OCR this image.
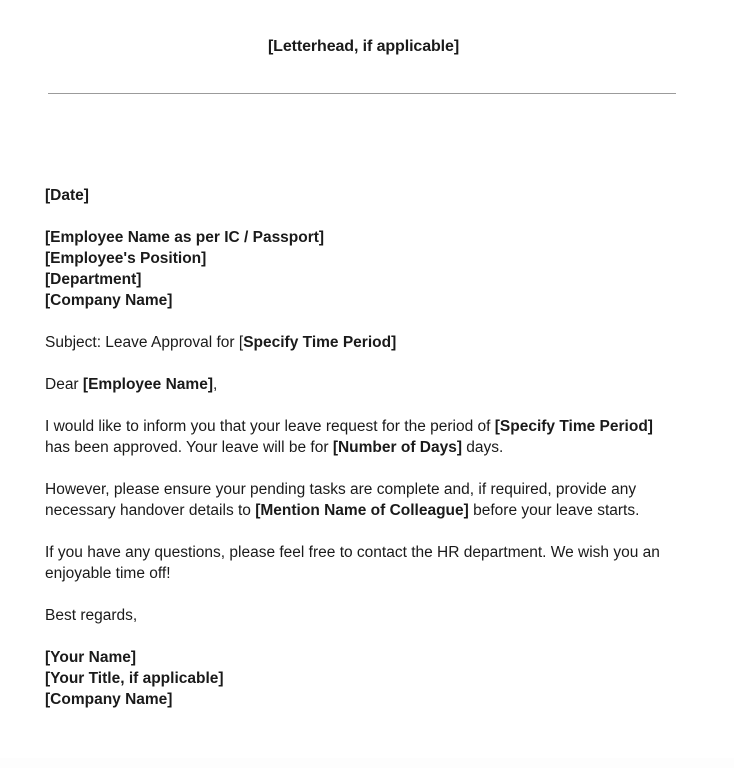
[Letterhead, if applicable]

[Date]

[Employee Name as per IC / Passport]

[Employee's Position]

[Department]

[Company Name]

Subject: Leave Approval for [Specify Time Period]

Dear [Employee Name],

I would like to inform you that your leave request for the period of [Specify Time Period] has been approved. Your leave will be for [Number of Days] days.

However, please ensure your pending tasks are complete and, if required, provide any necessary handover details to [Mention Name of Colleague] before your leave starts.

If you have any questions, please feel free to contact the HR department. We wish you an enjoyable time off!

Best regards,

[Your Name]

[Your Title, if applicable]

[Company Name]
